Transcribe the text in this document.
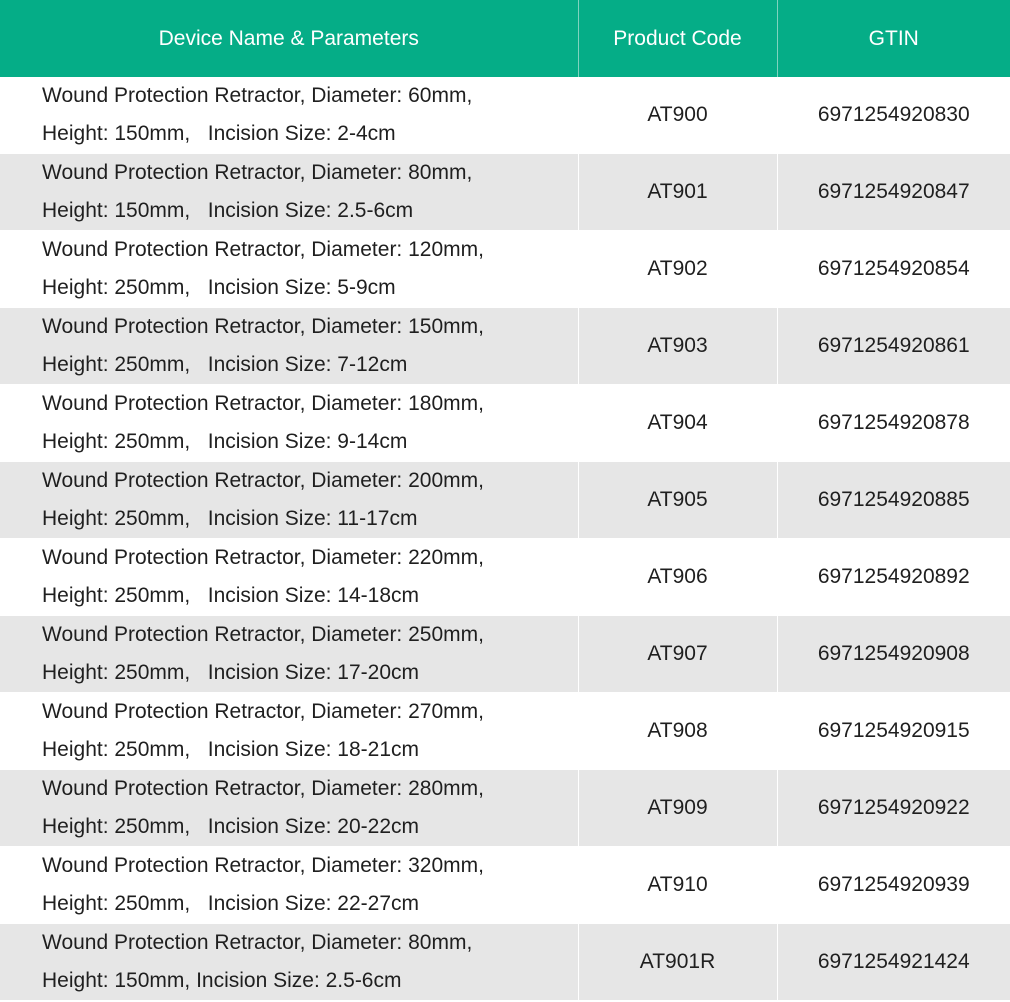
Device Name & Parameters	Product Code	GTIN

Wound Protection Retractor, Diameter: 60mm,
Height: 150mm,   Incision Size: 2-4cm	AT900	6971254920830

Wound Protection Retractor, Diameter: 80mm,
Height: 150mm,   Incision Size: 2.5-6cm	AT901	6971254920847

Wound Protection Retractor, Diameter: 120mm,
Height: 250mm,   Incision Size: 5-9cm	AT902	6971254920854

Wound Protection Retractor, Diameter: 150mm,
Height: 250mm,   Incision Size: 7-12cm	AT903	6971254920861

Wound Protection Retractor, Diameter: 180mm,
Height: 250mm,   Incision Size: 9-14cm	AT904	6971254920878

Wound Protection Retractor, Diameter: 200mm,
Height: 250mm,   Incision Size: 11-17cm	AT905	6971254920885

Wound Protection Retractor, Diameter: 220mm,
Height: 250mm,   Incision Size: 14-18cm	AT906	6971254920892

Wound Protection Retractor, Diameter: 250mm,
Height: 250mm,   Incision Size: 17-20cm	AT907	6971254920908

Wound Protection Retractor, Diameter: 270mm,
Height: 250mm,   Incision Size: 18-21cm	AT908	6971254920915

Wound Protection Retractor, Diameter: 280mm,
Height: 250mm,   Incision Size: 20-22cm	AT909	6971254920922

Wound Protection Retractor, Diameter: 320mm,
Height: 250mm,   Incision Size: 22-27cm	AT910	6971254920939

Wound Protection Retractor, Diameter: 80mm,
Height: 150mm, Incision Size: 2.5-6cm	AT901R	6971254921424
